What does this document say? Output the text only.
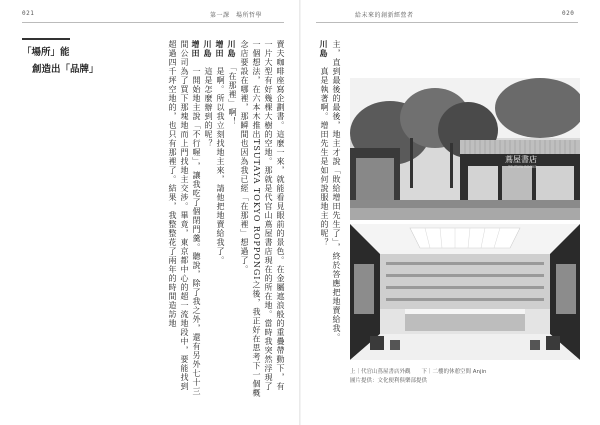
021	第一課　場所哲學
「場所」能
創造出「品牌」	賣夫咖啡座寫企劃書。這麼一來，就能看見眼前的景色。在金屬遮浪般的重疊帶動下，有一片大型有好幾棵大樹的空地。那就是代官山蔦屋書店現在的所在地。當時我突然浮現了一個想法，在六本木推出TSUTAYA TOKYO ROPPONGI之後，我正好在思考下一個概念店要設在哪裡，那瞬間也因為我已經「在那裡」想過了。

川島　「在那裡」啊！

增田　是啊。所以我立刻找地主來，請他把地賣給我了。

川島　這是怎麼辦到的呢？

增田　一開始地主說「不行喔」，讓我吃了個閉門羹。聽說，除了我之外，還有另外七十三間公司為了買下那塊地而上門找地主交涉。畢竟，東京都中心的超一流地段中，要能找到超過四千坪空地的，也只有那裡了。結果，我整整花了兩年的時間造訪地

給未來的創新經營者	020

主，直到最後的最後，地主才說「敗給增田先生了」，終於答應把地賣給我。

川島　真是執著啊。增田先生是如何說服地主的呢？

　	蔦屋書店
TSUTAYA BOOKS
上｜代官山蔦屋書店外觀　　下｜二樓的休憩空間 Anjin
圖片提供：文化便利俱樂部提供
